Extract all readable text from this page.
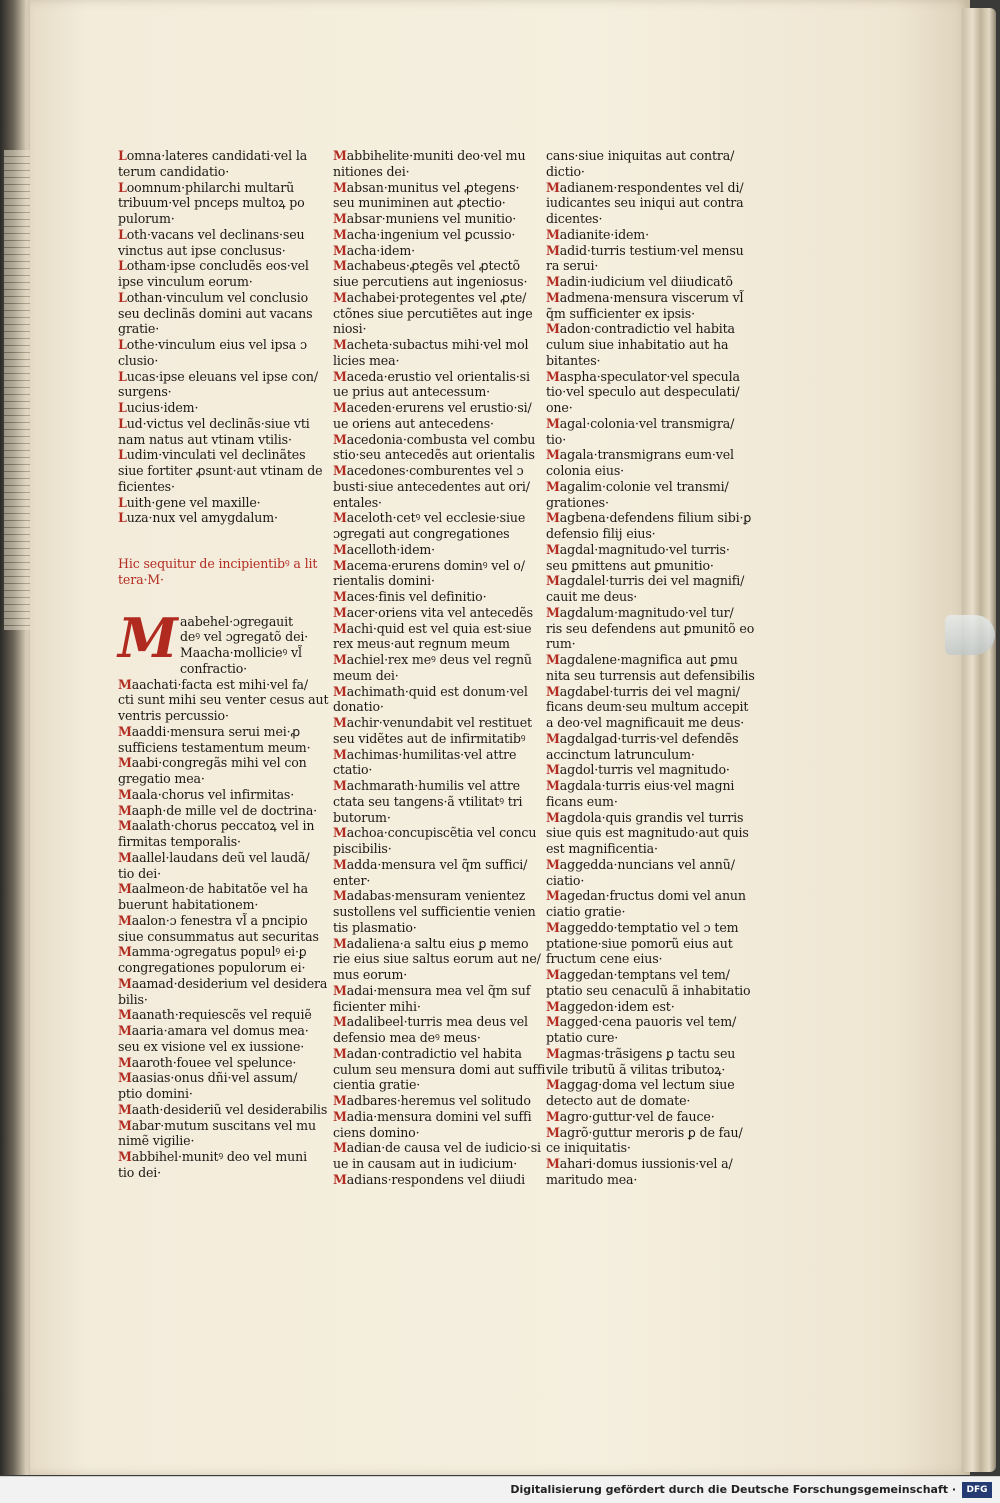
Lomna·lateres candidati·vel la
terum candidatio·
Loomnum·philarchi multarũ
tribuum·vel pnceps multoꝝ po
pulorum·
Loth·vacans vel declinans·seu
vinctus aut ipse conclusus·
Lotham·ipse concludẽs eos·vel
ipse vinculum eorum·
Lothan·vinculum vel conclusio
seu declinãs domini aut vacans
gratie·
Lothe·vinculum eius vel ipsa ɔ
clusio·
Lucas·ipse eleuans vel ipse con/
surgens·
Lucius·idem·
Lud·victus vel declinãs·siue vti
nam natus aut vtinam vtilis·
Ludim·vinculati vel declinãtes
siue fortiter ꝓsunt·aut vtinam de
ficientes·
Luith·gene vel maxille·
Luza·nux vel amygdalum·
Hic sequitur de incipientibꝰ a lit
tera·M·
M aabehel·ɔgregauit
deꝰ vel ɔgregatõ dei·
Maacha·mollicieꝰ vl̃
confractio·
Maachati·facta est mihi·vel fa/
cti sunt mihi seu venter cesus aut
ventris percussio·
Maaddi·mensura serui mei·ꝓ
sufficiens testamentum meum·
Maabi·congregãs mihi vel con
gregatio mea·
Maala·chorus vel infirmitas·
Maaph·de mille vel de doctrina·
Maalath·chorus peccatoꝝ vel in
firmitas temporalis·
Maallel·laudans deũ vel laudã/
tio dei·
Maalmeon·de habitatõe vel ha
buerunt habitationem·
Maalon·ɔ fenestra vl̃ a pncipio
siue consummatus aut securitas
Mamma·ɔgregatus populꝰ ei·ꝑ
congregationes populorum ei·
Maamad·desiderium vel desidera
bilis·
Maanath·requiescẽs vel requiẽ
Maaria·amara vel domus mea·
seu ex visione vel ex iussione·
Maaroth·fouee vel spelunce·
Maasias·onus dñi·vel assum/
ptio domini·
Maath·desideriũ vel desiderabilis
Mabar·mutum suscitans vel mu
nimẽ vigilie·
Mabbihel·munitꝰ deo vel muni
tio dei·
Mabbihelite·muniti deo·vel mu
nitiones dei·
Mabsan·munitus vel ꝓtegens·
seu muniminen aut ꝓtectio·
Mabsar·muniens vel munitio·
Macha·ingenium vel ꝑcussio·
Macha·idem·
Machabeus·ꝓtegẽs vel ꝓtectõ
siue percutiens aut ingeniosus·
Machabei·protegentes vel ꝓte/
ctõnes siue percutiẽtes aut inge
niosi·
Macheta·subactus mihi·vel mol
licies mea·
Maceda·erustio vel orientalis·si
ue prius aut antecessum·
Maceden·erurens vel erustio·si/
ue oriens aut antecedens·
Macedonia·combusta vel combu
stio·seu antecedẽs aut orientalis
Macedones·comburentes vel ɔ
busti·siue antecedentes aut ori/
entales·
Maceloth·cetꝰ vel ecclesie·siue
ɔgregati aut congregationes
Macelloth·idem·
Macema·erurens dominꝰ vel o/
rientalis domini·
Maces·finis vel definitio·
Macer·oriens vita vel antecedẽs
Machi·quid est vel quia est·siue
rex meus·aut regnum meum
Machiel·rex meꝰ deus vel regnũ
meum dei·
Machimath·quid est donum·vel
donatio·
Machir·venundabit vel restituet
seu vidẽtes aut de infirmitatibꝰ
Machimas·humilitas·vel attre
ctatio·
Machmarath·humilis vel attre
ctata seu tangens·ã vtilitatꝰ tri
butorum·
Machoa·concupiscẽtia vel concu
piscibilis·
Madda·mensura vel q̃m suffici/
enter·
Madabas·mensuram venientez
sustollens vel sufficientie venien
tis plasmatio·
Madaliena·a saltu eius ꝑ memo
rie eius siue saltus eorum aut ne/
mus eorum·
Madai·mensura mea vel q̃m suf
ficienter mihi·
Madalibeel·turris mea deus vel
defensio mea deꝰ meus·
Madan·contradictio vel habita
culum seu mensura domi aut suffi
cientia gratie·
Madbares·heremus vel solitudo
Madia·mensura domini vel suffi
ciens domino·
Madian·de causa vel de iudicio·si
ue in causam aut in iudicium·
Madians·respondens vel diiudi
cans·siue iniquitas aut contra/
dictio·
Madianem·respondentes vel di/
iudicantes seu iniqui aut contra
dicentes·
Madianite·idem·
Madid·turris testium·vel mensu
ra serui·
Madin·iudicium vel diiudicatõ
Madmena·mensura viscerum vl̃
q̃m sufficienter ex ipsis·
Madon·contradictio vel habita
culum siue inhabitatio aut ha
bitantes·
Maspha·speculator·vel specula
tio·vel speculo aut despeculati/
one·
Magal·colonia·vel transmigra/
tio·
Magala·transmigrans eum·vel
colonia eius·
Magalim·colonie vel transmi/
grationes·
Magbena·defendens filium sibi·ꝑ
defensio filij eius·
Magdal·magnitudo·vel turris·
seu ꝑmittens aut ꝑmunitio·
Magdalel·turris dei vel magnifi/
cauit me deus·
Magdalum·magnitudo·vel tur/
ris seu defendens aut ꝑmunitõ eo
rum·
Magdalene·magnifica aut ꝑmu
nita seu turrensis aut defensibilis
Magdabel·turris dei vel magni/
ficans deum·seu multum accepit
a deo·vel magnificauit me deus·
Magdalgad·turris·vel defendẽs
accinctum latrunculum·
Magdol·turris vel magnitudo·
Magdala·turris eius·vel magni
ficans eum·
Magdola·quis grandis vel turris
siue quis est magnitudo·aut quis
est magnificentia·
Maggedda·nuncians vel annũ/
ciatio·
Magedan·fructus domi vel anun
ciatio gratie·
Maggeddo·temptatio vel ɔ tem
ptatione·siue pomorũ eius aut
fructum cene eius·
Maggedan·temptans vel tem/
ptatio seu cenaculũ ã inhabitatio
Maggedon·idem est·
Magged·cena pauoris vel tem/
ptatio cure·
Magmas·trãsigens ꝑ tactu seu
vile tributũ ã vilitas tributoꝝ·
Maggag·doma vel lectum siue
detecto aut de domate·
Magro·guttur·vel de fauce·
Magrõ·guttur meroris ꝑ de fau/
ce iniquitatis·
Mahari·domus iussionis·vel a/
maritudo mea·
Digitalisierung gefördert durch die Deutsche Forschungsgemeinschaft ·	DFG
